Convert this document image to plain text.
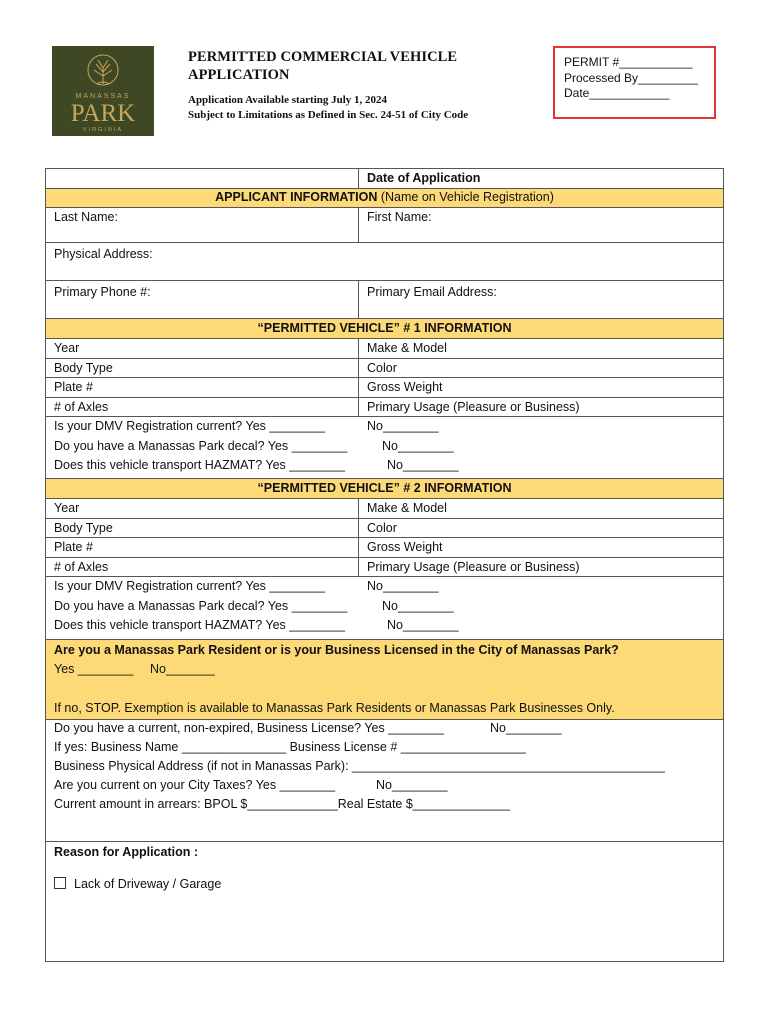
MANASSAS
PARK
VIRGINIA
PERMITTED COMMERCIAL VEHICLE
APPLICATION
Application Available starting July 1, 2024
Subject to Limitations as Defined in Sec. 24-51 of City Code
PERMIT #___________
Processed By_________
Date____________
Date of Application
APPLICANT INFORMATION (Name on Vehicle Registration)
Last Name:	First Name:
Physical Address:
Primary Phone #:	Primary Email Address:
“PERMITTED VEHICLE” # 1 INFORMATION
Year	Make & Model
Body Type	Color
Plate #	Gross Weight
# of Axles	Primary Usage (Pleasure or Business)
Is your DMV Registration current? Yes ________	No________
Do you have a Manassas Park decal? Yes ________	No________
Does this vehicle transport HAZMAT? Yes ________	No________
“PERMITTED VEHICLE” # 2 INFORMATION
Year	Make & Model
Body Type	Color
Plate #	Gross Weight
# of Axles	Primary Usage (Pleasure or Business)
Is your DMV Registration current? Yes ________	No________
Do you have a Manassas Park decal? Yes ________	No________
Does this vehicle transport HAZMAT? Yes ________	No________
Are you a Manassas Park Resident or is your Business Licensed in the City of Manassas Park?
Yes ________ No_______
If no, STOP. Exemption is available to Manassas Park Residents or Manassas Park Businesses Only.
Do you have a current, non-expired, Business License? Yes ________	No________
If yes: Business Name _______________ Business License # __________________
Business Physical Address (if not in Manassas Park): _____________________________________________
Are you current on your City Taxes? Yes ________	No________
Current amount in arrears: BPOL $_____________Real Estate $______________
Reason for Application :
Lack of Driveway / Garage
